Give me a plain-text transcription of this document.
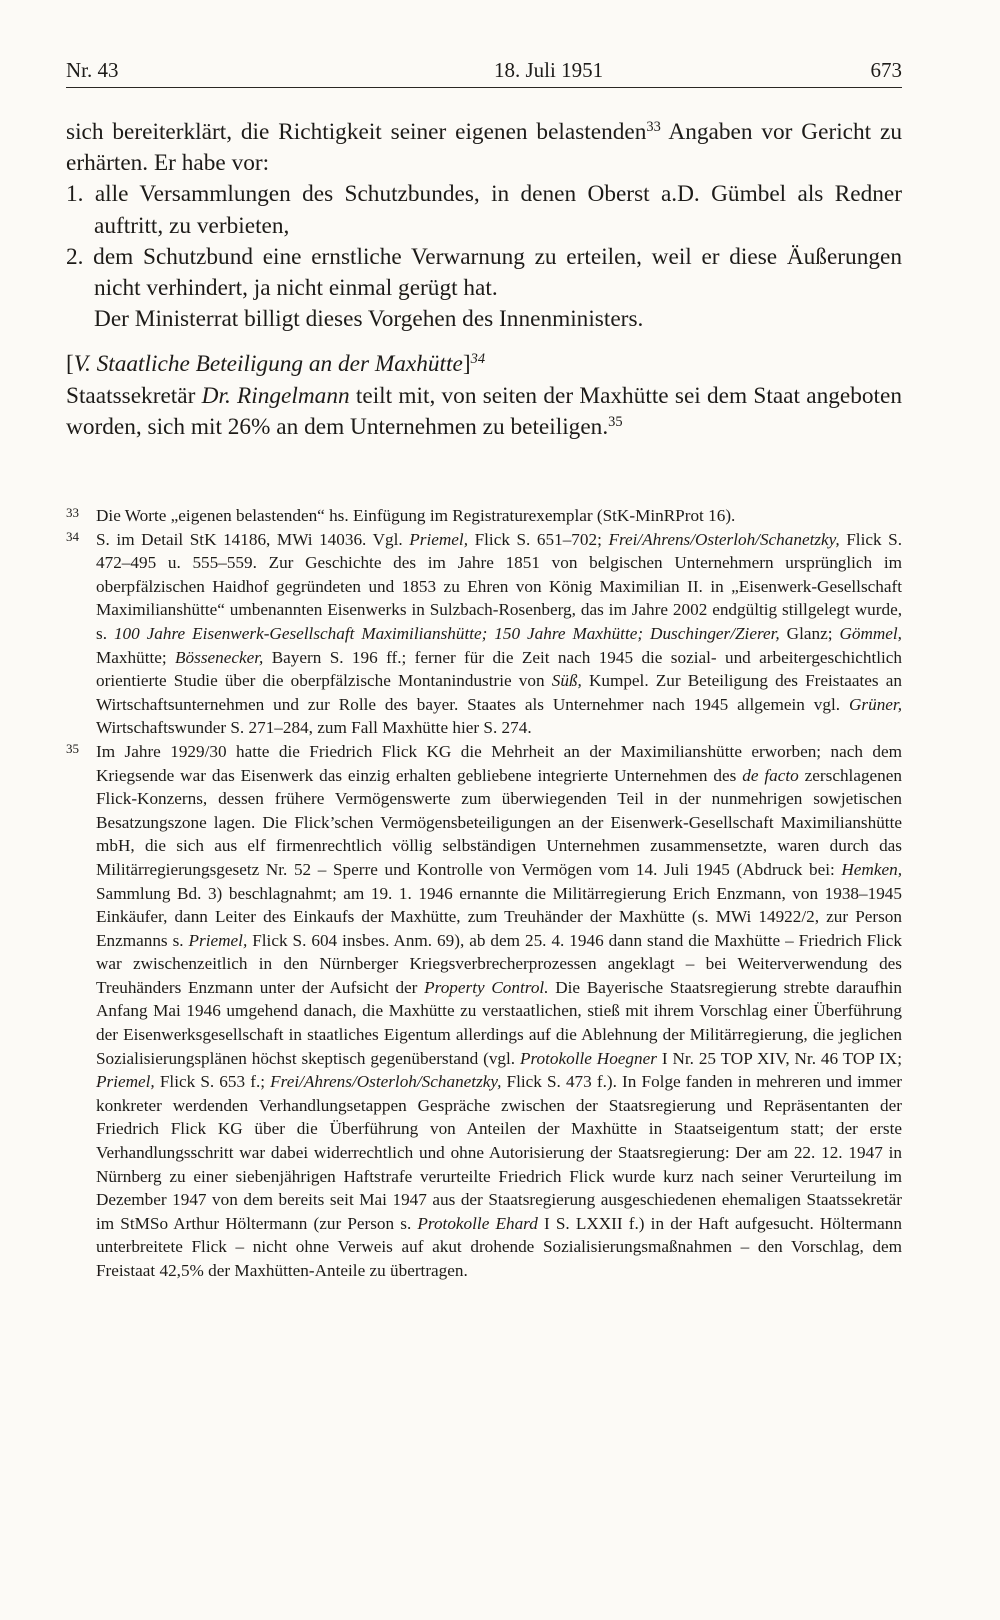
Nr. 43	18. Juli 1951	673

sich bereiterklärt, die Richtigkeit seiner eigenen belastenden$^{33}$ Angaben vor Gericht zu erhärten. Er habe vor:

1. alle Versammlungen des Schutzbundes, in denen Oberst a.D. Gümbel als Redner auftritt, zu verbieten,

2. dem Schutzbund eine ernstliche Verwarnung zu erteilen, weil er diese Äußerungen nicht verhindert, ja nicht einmal gerügt hat.

Der Ministerrat billigt dieses Vorgehen des Innenministers.

[V. Staatliche Beteiligung an der Maxhütte]$^{34}$

Staatssekretär Dr. Ringelmann teilt mit, von seiten der Maxhütte sei dem Staat angeboten worden, sich mit 26% an dem Unternehmen zu beteiligen.$^{35}$

33 Die Worte „eigenen belastenden“ hs. Einfügung im Registraturexemplar (StK-MinRProt 16).

34 S. im Detail StK 14186, MWi 14036. Vgl. Priemel, Flick S. 651–702; Frei/Ahrens/Osterloh/Schanetzky, Flick S. 472–495 u. 555–559. Zur Geschichte des im Jahre 1851 von belgischen Unternehmern ursprünglich im oberpfälzischen Haidhof gegründeten und 1853 zu Ehren von König Maximilian II. in „Eisenwerk-Gesellschaft Maximilianshütte“ umbenannten Eisenwerks in Sulzbach-Rosenberg, das im Jahre 2002 endgültig stillgelegt wurde, s. 100 Jahre Eisenwerk-Gesellschaft Maximilianshütte; 150 Jahre Maxhütte; Duschinger/Zierer, Glanz; Gömmel, Maxhütte; Bössenecker, Bayern S. 196 ff.; ferner für die Zeit nach 1945 die sozial- und arbeitergeschichtlich orientierte Studie über die oberpfälzische Montanindustrie von Süß, Kumpel. Zur Beteiligung des Freistaates an Wirtschaftsunternehmen und zur Rolle des bayer. Staates als Unternehmer nach 1945 allgemein vgl. Grüner, Wirtschaftswunder S. 271–284, zum Fall Maxhütte hier S. 274.

35 Im Jahre 1929/30 hatte die Friedrich Flick KG die Mehrheit an der Maximilianshütte erworben; nach dem Kriegsende war das Eisenwerk das einzig erhalten gebliebene integrierte Unternehmen des de facto zerschlagenen Flick-Konzerns, dessen frühere Vermögenswerte zum überwiegenden Teil in der nunmehrigen sowjetischen Besatzungszone lagen. Die Flick’schen Vermögensbeteiligungen an der Eisenwerk-Gesellschaft Maximilianshütte mbH, die sich aus elf firmenrechtlich völlig selbständigen Unternehmen zusammensetzte, waren durch das Militärregierungsgesetz Nr. 52 – Sperre und Kontrolle von Vermögen vom 14. Juli 1945 (Abdruck bei: Hemken, Sammlung Bd. 3) beschlagnahmt; am 19. 1. 1946 ernannte die Militärregierung Erich Enzmann, von 1938–1945 Einkäufer, dann Leiter des Einkaufs der Maxhütte, zum Treuhänder der Maxhütte (s. MWi 14922/2, zur Person Enzmanns s. Priemel, Flick S. 604 insbes. Anm. 69), ab dem 25. 4. 1946 dann stand die Maxhütte – Friedrich Flick war zwischenzeitlich in den Nürnberger Kriegsverbrecherprozessen angeklagt – bei Weiterverwendung des Treuhänders Enzmann unter der Aufsicht der Property Control. Die Bayerische Staatsregierung strebte daraufhin Anfang Mai 1946 umgehend danach, die Maxhütte zu verstaatlichen, stieß mit ihrem Vorschlag einer Überführung der Eisenwerksgesellschaft in staatliches Eigentum allerdings auf die Ablehnung der Militärregierung, die jeglichen Sozialisierungsplänen höchst skeptisch gegenüberstand (vgl. Protokolle Hoegner I Nr. 25 TOP XIV, Nr. 46 TOP IX; Priemel, Flick S. 653 f.; Frei/Ahrens/Osterloh/Schanetzky, Flick S. 473 f.). In Folge fanden in mehreren und immer konkreter werdenden Verhandlungsetappen Gespräche zwischen der Staatsregierung und Repräsentanten der Friedrich Flick KG über die Überführung von Anteilen der Maxhütte in Staatseigentum statt; der erste Verhandlungsschritt war dabei widerrechtlich und ohne Autorisierung der Staatsregierung: Der am 22. 12. 1947 in Nürnberg zu einer siebenjährigen Haftstrafe verurteilte Friedrich Flick wurde kurz nach seiner Verurteilung im Dezember 1947 von dem bereits seit Mai 1947 aus der Staatsregierung ausgeschiedenen ehemaligen Staatssekretär im StMSo Arthur Höltermann (zur Person s. Protokolle Ehard I S. LXXII f.) in der Haft aufgesucht. Höltermann unterbreitete Flick – nicht ohne Verweis auf akut drohende Sozialisierungsmaßnahmen – den Vorschlag, dem Freistaat 42,5% der Maxhütten-Anteile zu übertragen.
